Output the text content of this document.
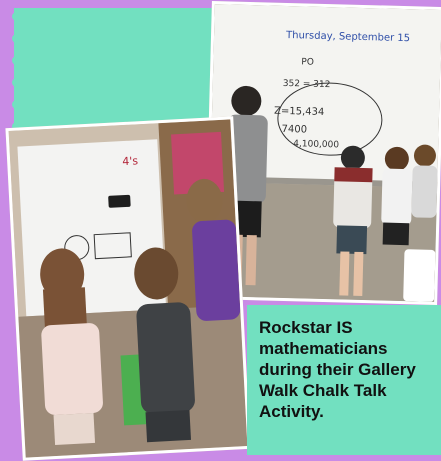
Thursday, September 15
PO
352 = 312
Z=15,434
7400
4,100,000
4's

Rockstar IS mathematicians during their Gallery Walk Chalk Talk Activity.
